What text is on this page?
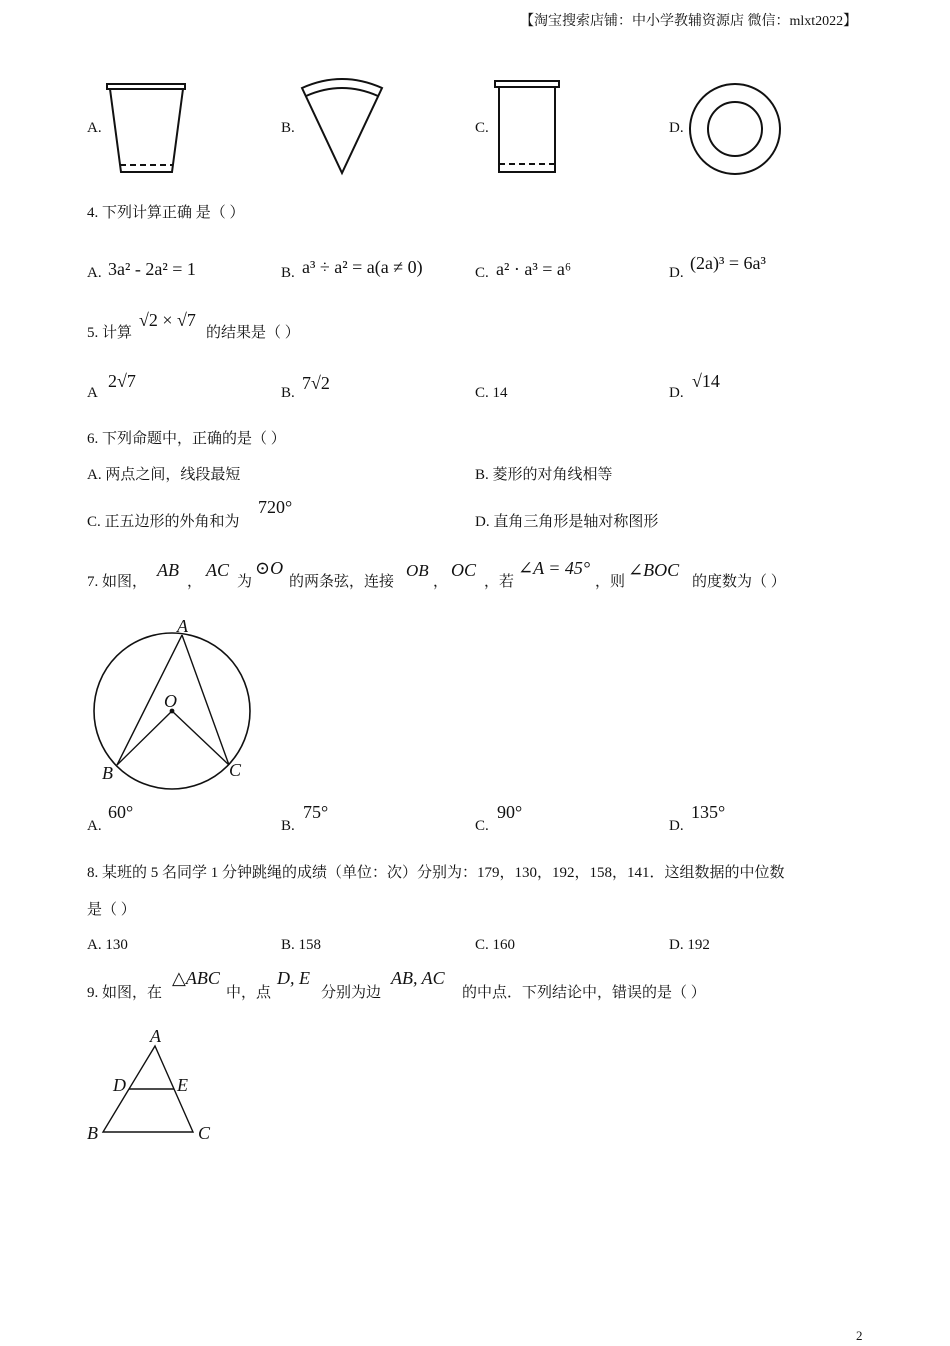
【淘宝搜索店铺：中小学教辅资源店 微信：mlxt2022】
A.	B.	C.	D.
4. 下列计算正确 是（ ）
A. 3a² - 2a² = 1	B. a³ ÷ a² = a(a ≠ 0)	C. a² · a³ = a⁶	D. (2a)³ = 6a³
5. 计算
√2 × √7
的结果是（ ）
A
2√7
B. 7√2	C. 14	D.
√14
6. 下列命题中，正确的是（ ）
A. 两点之间，线段最短	B. 菱形的对角线相等
C. 正五边形的外角和为
720°
D. 直角三角形是轴对称图形
7. 如图，
AB
，
AC
为
⊙O
的两条弦，连接
OB
，
OC
，若
∠A = 45°
，则
∠BOC
的度数为（ ）
A
O
B	C
A.
60°
B.
75°
C.
90°
D.
135°
8. 某班的 5 名同学 1 分钟跳绳的成绩（单位：次）分别为：179，130，192，158，141．这组数据的中位数
是（ ）
A. 130	B. 158	C. 160	D. 192
9. 如图，在
△ABC
中，点
D, E
分别为边
AB, AC
的中点．下列结论中，错误的是（ ）
A
D	E
B	C
2
